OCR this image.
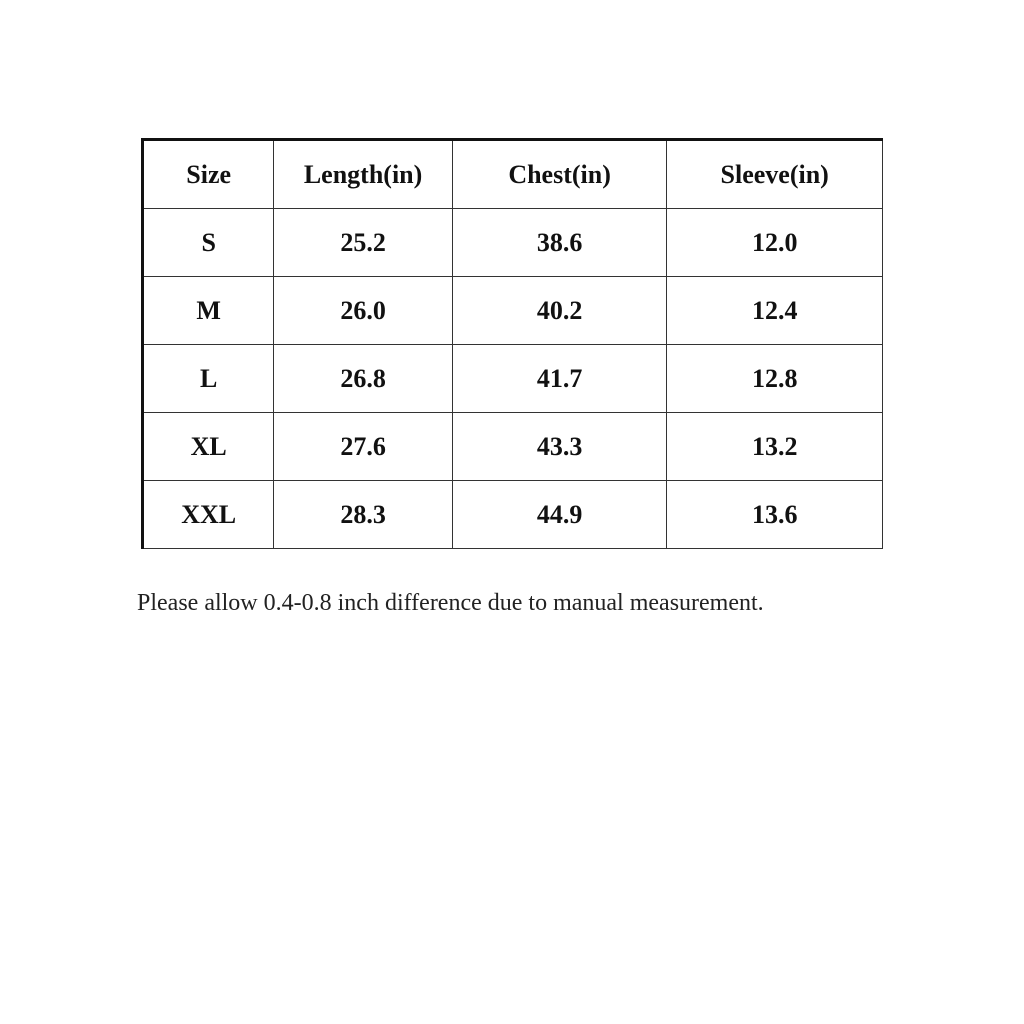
Size	Length(in)	Chest(in)	Sleeve(in)
S	25.2	38.6	12.0
M	26.0	40.2	12.4
L	26.8	41.7	12.8
XL	27.6	43.3	13.2
XXL	28.3	44.9	13.6
Please allow 0.4-0.8 inch difference due to manual measurement.
